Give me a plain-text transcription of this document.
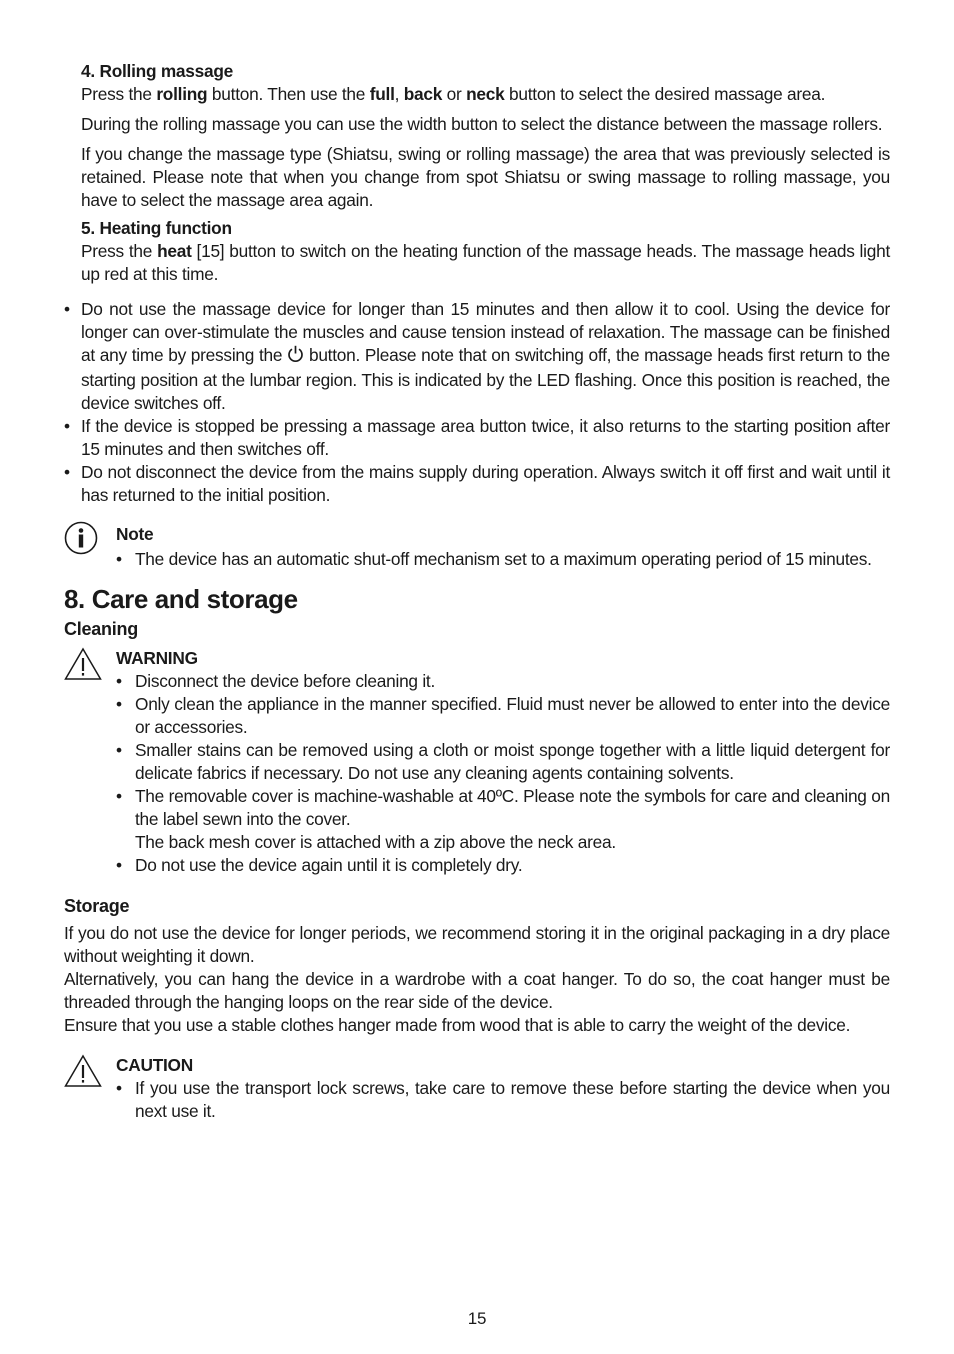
4. Rolling massage

Press the rolling button. Then use the full, back or neck button to select the desired massage area.

During the rolling massage you can use the width button to select the distance between the massage rollers.

If you change the massage type (Shiatsu, swing or rolling massage) the area that was previously selected is retained. Please note that when you change from spot Shiatsu or swing massage to rolling massage, you have to select the massage area again.

5. Heating function

Press the heat [15] button to switch on the heating function of the massage heads. The massage heads light up red at this time.

• Do not use the massage device for longer than 15 minutes and then allow it to cool. Using the device for longer can over-stimulate the muscles and cause tension instead of relaxation. The massage can be finished at any time by pressing the  button. Please note that on switching off, the massage heads first return to the starting position at the lumbar region. This is indicated by the LED flashing. Once this position is reached, the device switches off.
• If the device is stopped be pressing a massage area button twice, it also returns to the starting position after 15 minutes and then switches off.
• Do not disconnect the device from the mains supply during operation. Always switch it off first and wait until it has returned to the initial position.
Note
• The device has an automatic shut-off mechanism set to a maximum operating period of 15 minutes.
8. Care and storage
Cleaning
WARNING
• Disconnect the device before cleaning it.
• Only clean the appliance in the manner specified. Fluid must never be allowed to enter into the device or accessories.
• Smaller stains can be removed using a cloth or moist sponge together with a little liquid detergent for delicate fabrics if necessary. Do not use any cleaning agents containing solvents.
• The removable cover is machine-washable at 40ºC. Please note the symbols for care and cleaning on the label sewn into the cover.
The back mesh cover is attached with a zip above the neck area.
• Do not use the device again until it is completely dry.
Storage

If you do not use the device for longer periods, we recommend storing it in the original packaging in a dry place without weighting it down.

Alternatively, you can hang the device in a wardrobe with a coat hanger. To do so, the coat hanger must be threaded through the hanging loops on the rear side of the device.

Ensure that you use a stable clothes hanger made from wood that is able to carry the weight of the device.

CAUTION
• If you use the transport lock screws, take care to remove these before starting the device when you next use it.
15
